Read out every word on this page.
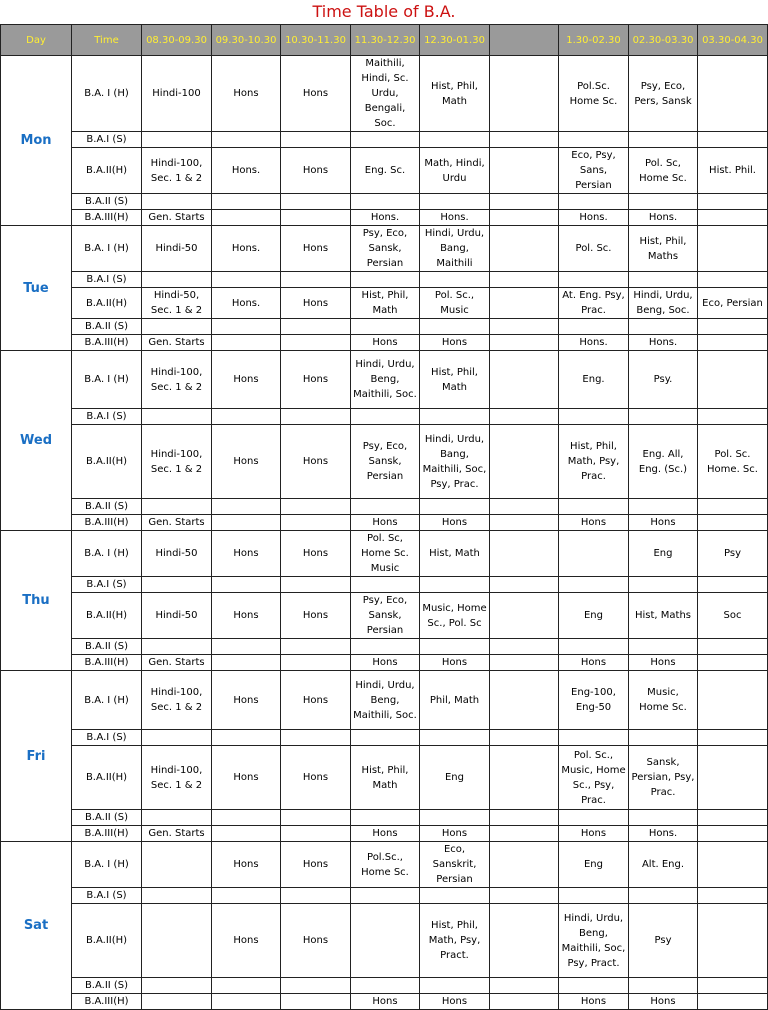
Time Table of B.A.
Day	Time	08.30-09.30	09.30-10.30	10.30-11.30	11.30-12.30	12.30-01.30		1.30-02.30	02.30-03.30	03.30-04.30
Mon	B.A. I (H)	Hindi-100	Hons	Hons	Maithili, Hindi, Sc. Urdu, Bengali, Soc.	Hist, Phil, Math		Pol.Sc. Home Sc.	Psy, Eco, Pers, Sansk	
	B.A.I (S)									
	B.A.II(H)	Hindi-100, Sec. 1 & 2	Hons.	Hons	Eng. Sc.	Math, Hindi, Urdu		Eco, Psy, Sans, Persian	Pol. Sc, Home Sc.	Hist. Phil.
	B.A.II (S)									
	B.A.III(H)	Gen. Starts			Hons.	Hons.		Hons.	Hons.	
Tue	B.A. I (H)	Hindi-50	Hons.	Hons	Psy, Eco, Sansk, Persian	Hindi, Urdu, Bang, Maithili		Pol. Sc.	Hist, Phil, Maths	
	B.A.I (S)									
	B.A.II(H)	Hindi-50, Sec. 1 & 2	Hons.	Hons	Hist, Phil, Math	Pol. Sc., Music		At. Eng. Psy, Prac.	Hindi, Urdu, Beng, Soc.	Eco, Persian
	B.A.II (S)									
	B.A.III(H)	Gen. Starts			Hons	Hons		Hons.	Hons.	
Wed	B.A. I (H)	Hindi-100, Sec. 1 & 2	Hons	Hons	Hindi, Urdu, Beng, Maithili, Soc.	Hist, Phil, Math		Eng.	Psy.	
	B.A.I (S)									
	B.A.II(H)	Hindi-100, Sec. 1 & 2	Hons	Hons	Psy, Eco, Sansk, Persian	Hindi, Urdu, Bang, Maithili, Soc, Psy, Prac.		Hist, Phil, Math, Psy, Prac.	Eng. All, Eng. (Sc.)	Pol. Sc. Home. Sc.
	B.A.II (S)									
	B.A.III(H)	Gen. Starts			Hons	Hons		Hons	Hons	
Thu	B.A. I (H)	Hindi-50	Hons	Hons	Pol. Sc, Home Sc. Music	Hist, Math			Eng	Psy
	B.A.I (S)									
	B.A.II(H)	Hindi-50	Hons	Hons	Psy, Eco, Sansk, Persian	Music, Home Sc., Pol. Sc		Eng	Hist, Maths	Soc
	B.A.II (S)									
	B.A.III(H)	Gen. Starts			Hons	Hons		Hons	Hons	
Fri	B.A. I (H)	Hindi-100, Sec. 1 & 2	Hons	Hons	Hindi, Urdu, Beng, Maithili, Soc.	Phil, Math		Eng-100, Eng-50	Music, Home Sc.	
	B.A.I (S)									
	B.A.II(H)	Hindi-100, Sec. 1 & 2	Hons	Hons	Hist, Phil, Math	Eng		Pol. Sc., Music, Home Sc., Psy, Prac.	Sansk, Persian, Psy, Prac.	
	B.A.II (S)									
	B.A.III(H)	Gen. Starts			Hons	Hons		Hons	Hons.	
Sat	B.A. I (H)		Hons	Hons	Pol.Sc., Home Sc.	Eco, Sanskrit, Persian		Eng	Alt. Eng.	
	B.A.I (S)									
	B.A.II(H)		Hons	Hons		Hist, Phil, Math, Psy, Pract.		Hindi, Urdu, Beng, Maithili, Soc, Psy, Pract.	Psy	
	B.A.II (S)									
	B.A.III(H)				Hons	Hons		Hons	Hons	
